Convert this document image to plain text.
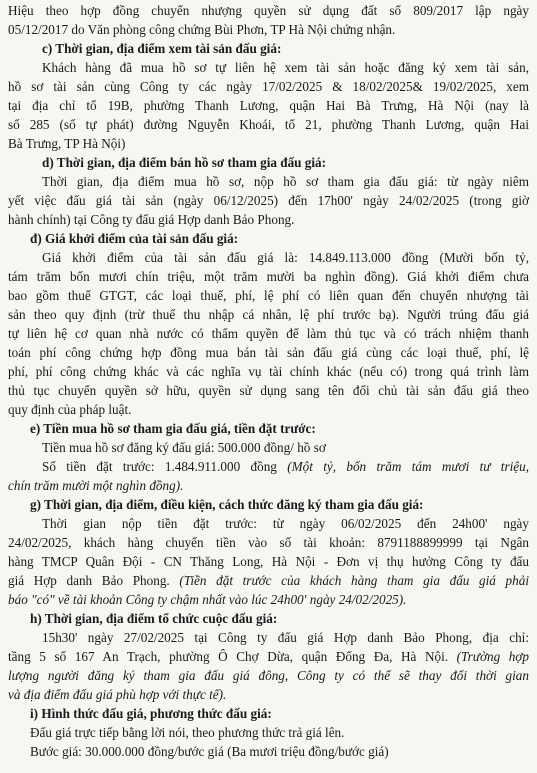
Hiệu theo hợp đồng chuyển nhượng quyền sử dụng đất số 809/2017 lập ngày
05/12/2017 do Văn phòng công chứng Bùi Phơn, TP Hà Nội chứng nhận.
c) Thời gian, địa điểm xem tài sản đấu giá:
Khách hàng đã mua hồ sơ tự liên hệ xem tài sản hoặc đăng ký xem tài sản,
hồ sơ tài sản cùng Công ty các ngày 17/02/2025 & 18/02/2025& 19/02/2025, xem
tại địa chỉ tổ 19B, phường Thanh Lương, quận Hai Bà Trưng, Hà Nội (nay là
số 285 (số tự phát) đường Nguyễn Khoái, tổ 21, phường Thanh Lương, quận Hai
Bà Trưng, TP Hà Nội)
d) Thời gian, địa điểm bán hồ sơ tham gia đấu giá:
Thời gian, địa điểm mua hồ sơ, nộp hồ sơ tham gia đấu giá: từ ngày niêm
yết việc đấu giá tài sản (ngày 06/12/2025) đến 17h00' ngày 24/02/2025 (trong giờ
hành chính) tại Công ty đấu giá Hợp danh Bảo Phong.
đ) Giá khởi điểm của tài sản đấu giá:
Giá khởi điểm của tài sản đấu giá là: 14.849.113.000 đồng (Mười bốn tỷ,
tám trăm bốn mươi chín triệu, một trăm mười ba nghìn đồng). Giá khởi điểm chưa
bao gồm thuế GTGT, các loại thuế, phí, lệ phí có liên quan đến chuyển nhượng tài
sản theo quy định (trừ thuế thu nhập cá nhân, lệ phí trước bạ). Người trúng đấu giá
tự liên hệ cơ quan nhà nước có thẩm quyền để làm thủ tục và có trách nhiệm thanh
toán phí công chứng hợp đồng mua bán tài sản đấu giá cùng các loại thuế, phí, lệ
phí, phí công chứng khác và các nghĩa vụ tài chính khác (nếu có) trong quá trình làm
thủ tục chuyển quyền sở hữu, quyền sử dụng sang tên đổi chủ tài sản đấu giá theo
quy định của pháp luật.
e) Tiền mua hồ sơ tham gia đấu giá, tiền đặt trước:
Tiền mua hồ sơ đăng ký đấu giá: 500.000 đồng/ hồ sơ
Số tiền đặt trước: 1.484.911.000 đồng (Một tỷ, bốn trăm tám mươi tư triệu,
chín trăm mười một nghìn đồng).
g) Thời gian, địa điểm, điều kiện, cách thức đăng ký tham gia đấu giá:
Thời gian nộp tiền đặt trước: từ ngày 06/02/2025 đến 24h00' ngày
24/02/2025, khách hàng chuyển tiền vào số tài khoản: 8791188899999 tại Ngân
hàng TMCP Quân Đội - CN Thăng Long, Hà Nội - Đơn vị thụ hưởng Công ty đấu
giá Hợp danh Bảo Phong. (Tiền đặt trước của khách hàng tham gia đấu giá phải
báo "có" về tài khoản Công ty chậm nhất vào lúc 24h00' ngày 24/02/2025).
h) Thời gian, địa điểm tổ chức cuộc đấu giá:
15h30' ngày 27/02/2025 tại Công ty đấu giá Hợp danh Bảo Phong, địa chỉ:
tầng 5 số 167 An Trạch, phường Ô Chợ Dừa, quận Đống Đa, Hà Nội. (Trường hợp
lượng người đăng ký tham gia đấu giá đông, Công ty có thể sẽ thay đổi thời gian
và địa điểm đấu giá phù hợp với thực tế).
i) Hình thức đấu giá, phương thức đấu giá:
Đấu giá trực tiếp bằng lời nói, theo phương thức trả giá lên.
Bước giá: 30.000.000 đồng/bước giá (Ba mươi triệu đồng/bước giá)
